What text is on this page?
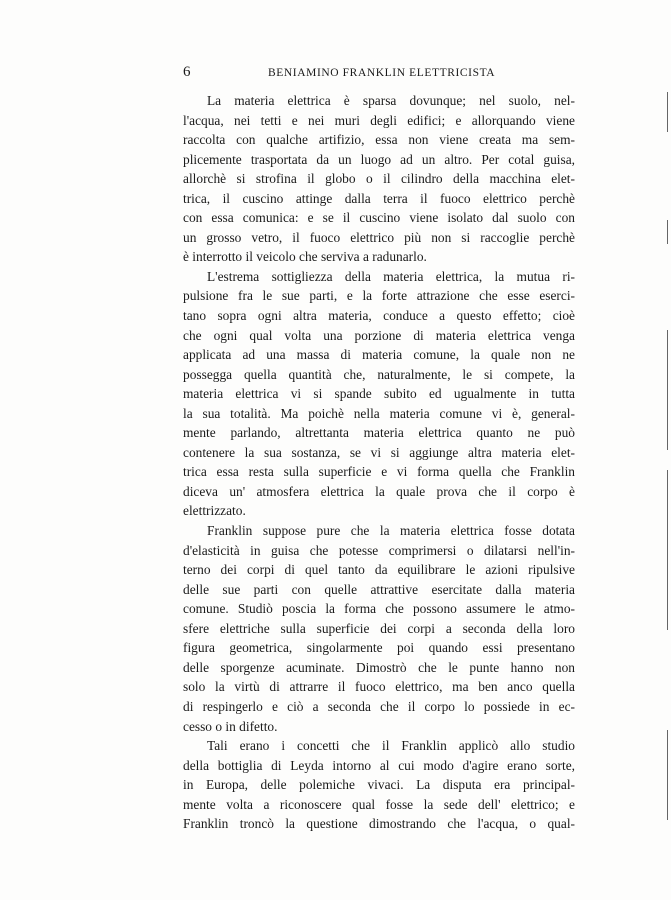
6	BENIAMINO FRANKLIN ELETTRICISTA
La materia elettrica è sparsa dovunque; nel suolo, nel-
l'acqua, nei tetti e nei muri degli edifici; e allorquando viene
raccolta con qualche artifizio, essa non viene creata ma sem-
plicemente trasportata da un luogo ad un altro. Per cotal guisa,
allorchè si strofina il globo o il cilindro della macchina elet-
trica, il cuscino attinge dalla terra il fuoco elettrico perchè
con essa comunica: e se il cuscino viene isolato dal suolo con
un grosso vetro, il fuoco elettrico più non si raccoglie perchè
è interrotto il veicolo che serviva a radunarlo.
L'estrema sottigliezza della materia elettrica, la mutua ri-
pulsione fra le sue parti, e la forte attrazione che esse eserci-
tano sopra ogni altra materia, conduce a questo effetto; cioè
che ogni qual volta una porzione di materia elettrica venga
applicata ad una massa di materia comune, la quale non ne
possegga quella quantità che, naturalmente, le si compete, la
materia elettrica vi si spande subito ed ugualmente in tutta
la sua totalità. Ma poichè nella materia comune vi è, general-
mente parlando, altrettanta materia elettrica quanto ne può
contenere la sua sostanza, se vi si aggiunge altra materia elet-
trica essa resta sulla superficie e vi forma quella che Franklin
diceva un' atmosfera elettrica la quale prova che il corpo è
elettrizzato.
Franklin suppose pure che la materia elettrica fosse dotata
d'elasticità in guisa che potesse comprimersi o dilatarsi nell'in-
terno dei corpi di quel tanto da equilibrare le azioni ripulsive
delle sue parti con quelle attrattive esercitate dalla materia
comune. Studiò poscia la forma che possono assumere le atmo-
sfere elettriche sulla superficie dei corpi a seconda della loro
figura geometrica, singolarmente poi quando essi presentano
delle sporgenze acuminate. Dimostrò che le punte hanno non
solo la virtù di attrarre il fuoco elettrico, ma ben anco quella
di respingerlo e ciò a seconda che il corpo lo possiede in ec-
cesso o in difetto.
Tali erano i concetti che il Franklin applicò allo studio
della bottiglia di Leyda intorno al cui modo d'agire erano sorte,
in Europa, delle polemiche vivaci. La disputa era principal-
mente volta a riconoscere qual fosse la sede dell' elettrico; e
Franklin troncò la questione dimostrando che l'acqua, o qual-
